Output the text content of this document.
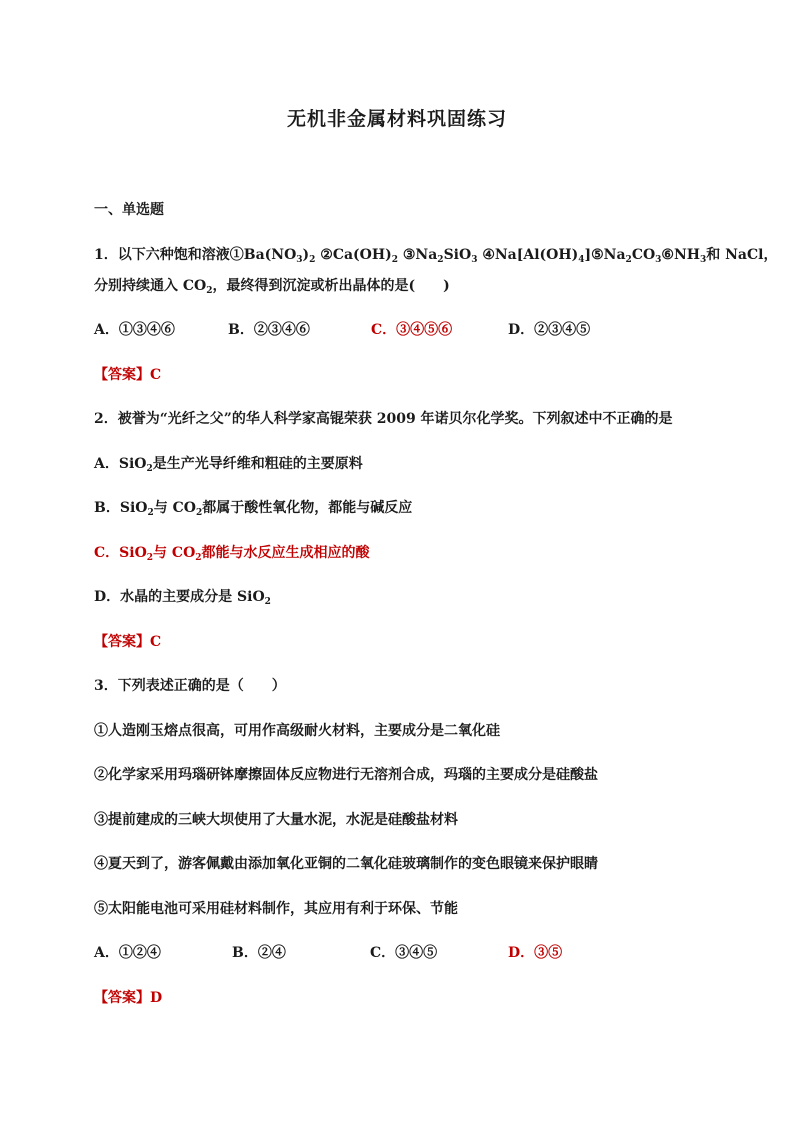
无机非金属材料巩固练习
一、单选题
1．以下六种饱和溶液$①Ba(NO_3)_2$ $②Ca(OH)_2$ $③Na_2SiO_3$ $④Na[Al(OH)_4]⑤Na_2CO_3⑥NH_3$和 NaCl，
分别持续通入 $CO_2$，最终得到沉淀或析出晶体的是(　　)
A．①③④⑥	B．②③④⑥	C．③④⑤⑥	D．②③④⑤
【答案】C
2．被誉为“光纤之父”的华人科学家高锟荣获 2009 年诺贝尔化学奖。下列叙述中不正确的是
A．SiO$_2$是生产光导纤维和粗硅的主要原料
B．SiO$_2$与 $CO_2$都属于酸性氧化物，都能与碱反应
C．SiO$_2$与 $CO_2$都能与水反应生成相应的酸
D．水晶的主要成分是 SiO$_2$
【答案】C
3．下列表述正确的是（　　）
①人造刚玉熔点很高，可用作高级耐火材料，主要成分是二氧化硅
②化学家采用玛瑙研钵摩擦固体反应物进行无溶剂合成，玛瑙的主要成分是硅酸盐
③提前建成的三峡大坝使用了大量水泥，水泥是硅酸盐材料
④夏天到了，游客佩戴由添加氧化亚铜的二氧化硅玻璃制作的变色眼镜来保护眼睛
⑤太阳能电池可采用硅材料制作，其应用有利于环保、节能
A．①②④	B．②④	C．③④⑤	D．③⑤
【答案】D
